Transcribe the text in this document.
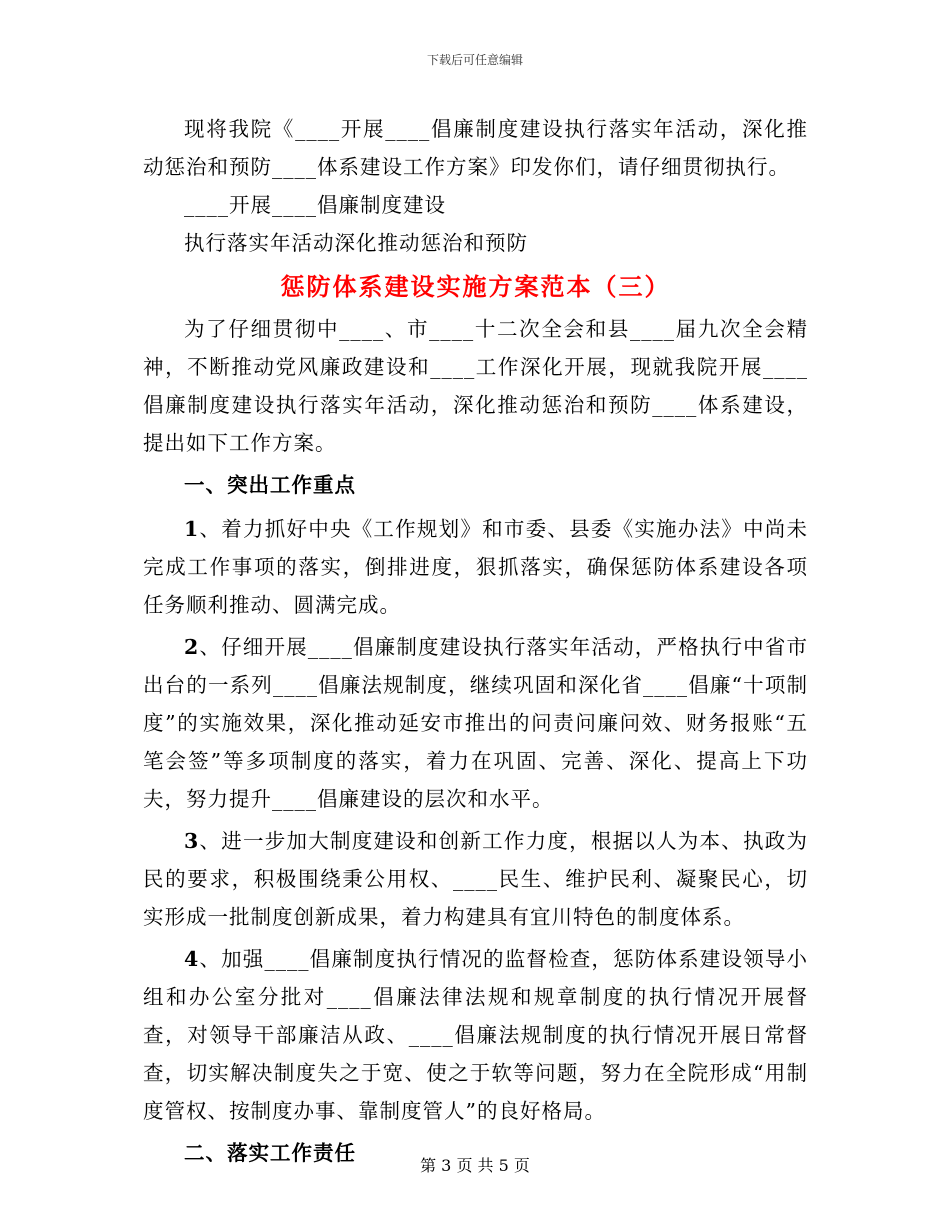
下载后可任意编辑

现将我院《____开展____倡廉制度建设执行落实年活动，深化推动惩治和预防____体系建设工作方案》印发你们，请仔细贯彻执行。

____开展____倡廉制度建设

执行落实年活动深化推动惩治和预防

惩防体系建设实施方案范本（三）

为了仔细贯彻中____、市____十二次全会和县____届九次全会精神，不断推动党风廉政建设和____工作深化开展，现就我院开展____倡廉制度建设执行落实年活动，深化推动惩治和预防____体系建设，提出如下工作方案。

一、突出工作重点

1、着力抓好中央《工作规划》和市委、县委《实施办法》中尚未完成工作事项的落实，倒排进度，狠抓落实，确保惩防体系建设各项任务顺利推动、圆满完成。

2、仔细开展____倡廉制度建设执行落实年活动，严格执行中省市出台的一系列____倡廉法规制度，继续巩固和深化省____倡廉“十项制度”的实施效果，深化推动延安市推出的问责问廉问效、财务报账“五笔会签”等多项制度的落实，着力在巩固、完善、深化、提高上下功夫，努力提升____倡廉建设的层次和水平。

3、进一步加大制度建设和创新工作力度，根据以人为本、执政为民的要求，积极围绕秉公用权、____民生、维护民利、凝聚民心，切实形成一批制度创新成果，着力构建具有宜川特色的制度体系。

4、加强____倡廉制度执行情况的监督检查，惩防体系建设领导小组和办公室分批对____倡廉法律法规和规章制度的执行情况开展督查，对领导干部廉洁从政、____倡廉法规制度的执行情况开展日常督查，切实解决制度失之于宽、使之于软等问题，努力在全院形成“用制度管权、按制度办事、靠制度管人”的良好格局。

二、落实工作责任
第 3 页 共 5 页
